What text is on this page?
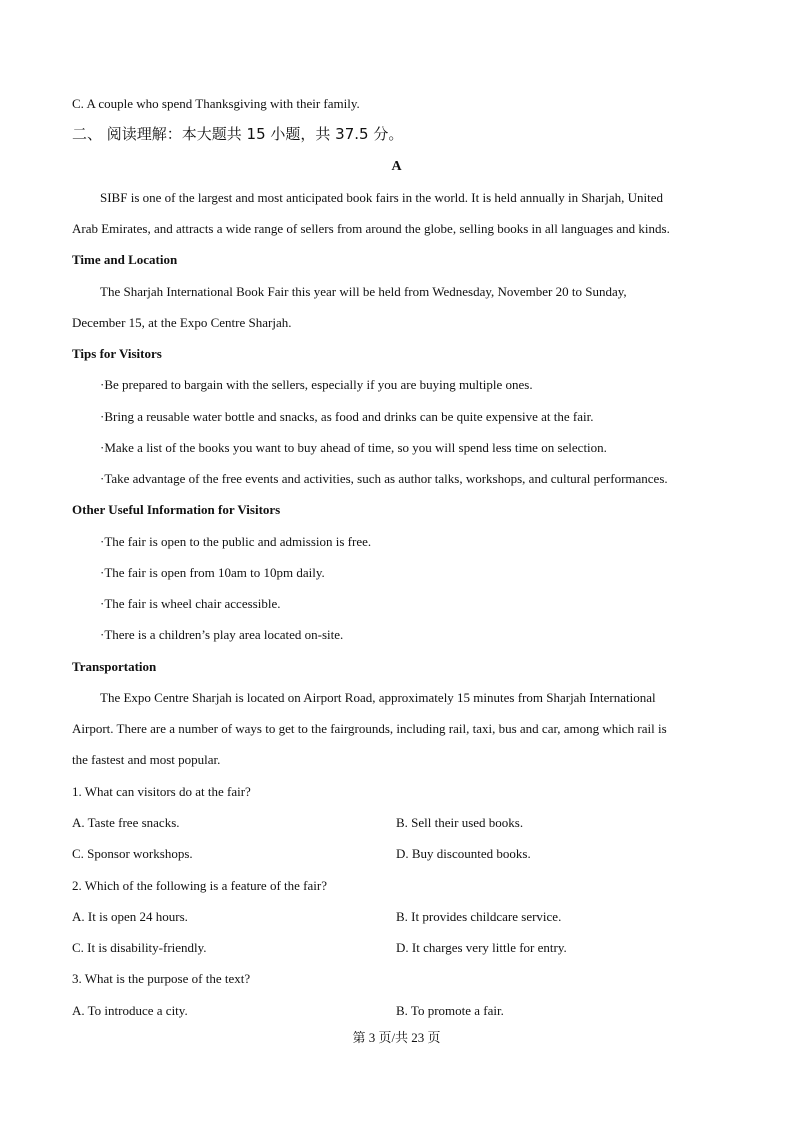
C. A couple who spend Thanksgiving with their family.
二、 阅读理解：本大题共 15 小题，共 37.5 分。
A
SIBF is one of the largest and most anticipated book fairs in the world. It is held annually in Sharjah, United
Arab Emirates, and attracts a wide range of sellers from around the globe, selling books in all languages and kinds.
Time and Location
The Sharjah International Book Fair this year will be held from Wednesday, November 20 to Sunday,
December 15, at the Expo Centre Sharjah.
Tips for Visitors
·Be prepared to bargain with the sellers, especially if you are buying multiple ones.
·Bring a reusable water bottle and snacks, as food and drinks can be quite expensive at the fair.
·Make a list of the books you want to buy ahead of time, so you will spend less time on selection.
·Take advantage of the free events and activities, such as author talks, workshops, and cultural performances.
Other Useful Information for Visitors
·The fair is open to the public and admission is free.
·The fair is open from 10am to 10pm daily.
·The fair is wheel chair accessible.
·There is a children’s play area located on-site.
Transportation
The Expo Centre Sharjah is located on Airport Road, approximately 15 minutes from Sharjah International
Airport. There are a number of ways to get to the fairgrounds, including rail, taxi, bus and car, among which rail is
the fastest and most popular.
1. What can visitors do at the fair?
A. Taste free snacks.	B. Sell their used books.
C. Sponsor workshops.	D. Buy discounted books.
2. Which of the following is a feature of the fair?
A. It is open 24 hours.	B. It provides childcare service.
C. It is disability-friendly.	D. It charges very little for entry.
3. What is the purpose of the text?
A. To introduce a city.	B. To promote a fair.
第 3 页/共 23 页
